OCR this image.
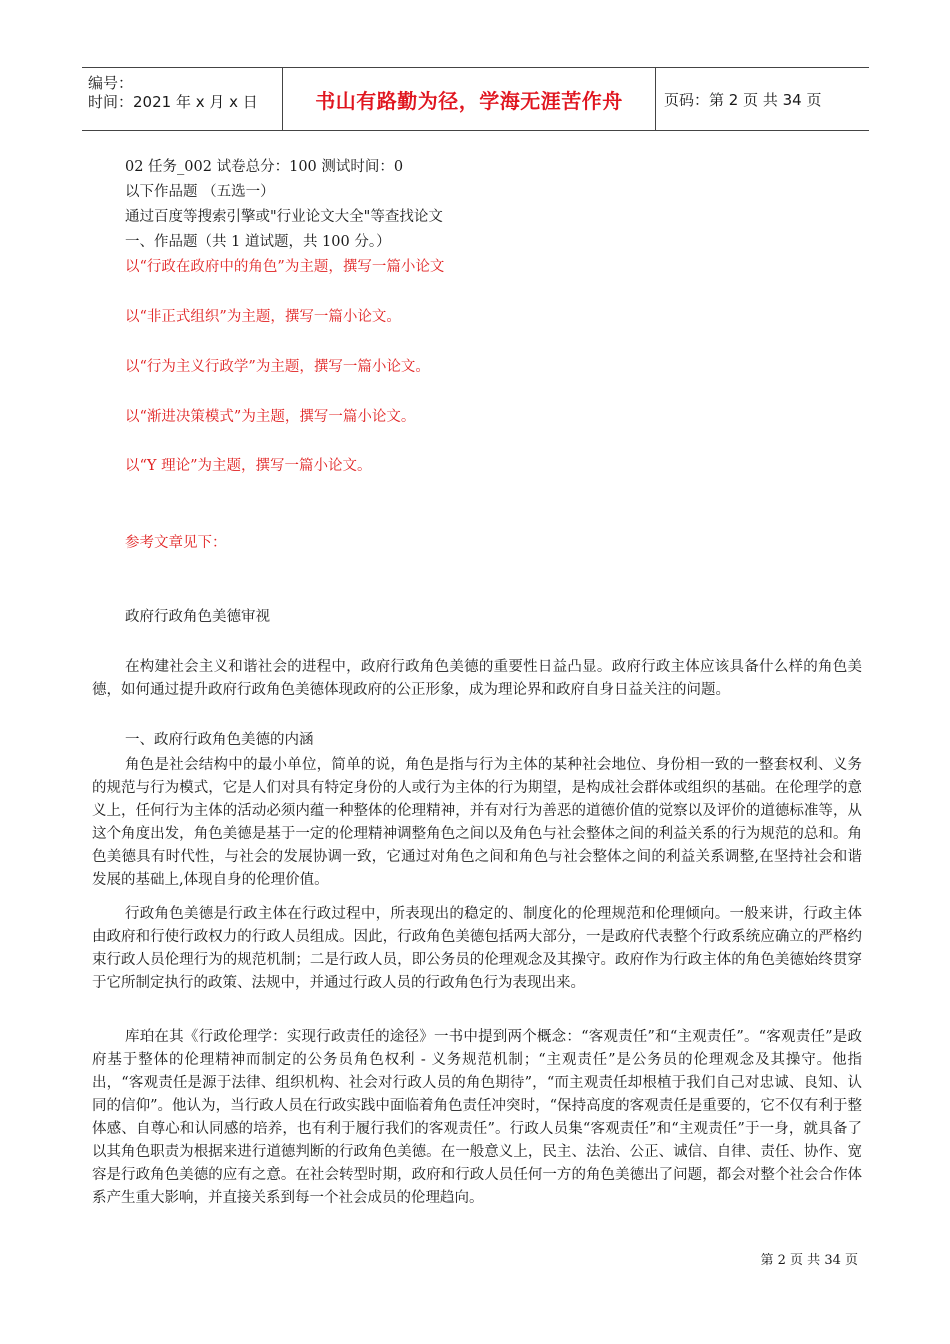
编号：
时间：2021 年 x 月 x 日	书山有路勤为径，学海无涯苦作舟	页码：第 2 页 共 34 页
02 任务_002 试卷总分：100 测试时间：0
以下作品题 （五选一）
通过百度等搜索引擎或"行业论文大全"等查找论文
一、作品题（共 1 道试题，共 100 分。）
以“行政在政府中的角色”为主题，撰写一篇小论文
以“非正式组织”为主题，撰写一篇小论文。
以“行为主义行政学”为主题，撰写一篇小论文。
以“渐进决策模式”为主题，撰写一篇小论文。
以“Y 理论”为主题，撰写一篇小论文。
参考文章见下：
政府行政角色美德审视
在构建社会主义和谐社会的进程中，政府行政角色美德的重要性日益凸显。政府行政主体应该具备什么样的角色美德，如何通过提升政府行政角色美德体现政府的公正形象，成为理论界和政府自身日益关注的问题。
一、政府行政角色美德的内涵
角色是社会结构中的最小单位，简单的说，角色是指与行为主体的某种社会地位、身份相一致的一整套权利、义务的规范与行为模式，它是人们对具有特定身份的人或行为主体的行为期望，是构成社会群体或组织的基础。在伦理学的意义上，任何行为主体的活动必须内蕴一种整体的伦理精神，并有对行为善恶的道德价值的觉察以及评价的道德标准等，从这个角度出发，角色美德是基于一定的伦理精神调整角色之间以及角色与社会整体之间的利益关系的行为规范的总和。角色美德具有时代性，与社会的发展协调一致，它通过对角色之间和角色与社会整体之间的利益关系调整,在坚持社会和谐发展的基础上,体现自身的伦理价值。
行政角色美德是行政主体在行政过程中，所表现出的稳定的、制度化的伦理规范和伦理倾向。一般来讲，行政主体由政府和行使行政权力的行政人员组成。因此，行政角色美德包括两大部分，一是政府代表整个行政系统应确立的严格约束行政人员伦理行为的规范机制；二是行政人员，即公务员的伦理观念及其操守。政府作为行政主体的角色美德始终贯穿于它所制定执行的政策、法规中，并通过行政人员的行政角色行为表现出来。
库珀在其《行政伦理学：实现行政责任的途径》一书中提到两个概念：“客观责任”和“主观责任”。“客观责任”是政府基于整体的伦理精神而制定的公务员角色权利 - 义务规范机制；“主观责任”是公务员的伦理观念及其操守。他指出，“客观责任是源于法律、组织机构、社会对行政人员的角色期待”，“而主观责任却根植于我们自己对忠诚、良知、认同的信仰”。他认为，当行政人员在行政实践中面临着角色责任冲突时，“保持高度的客观责任是重要的，它不仅有利于整体感、自尊心和认同感的培养，也有利于履行我们的客观责任”。行政人员集“客观责任”和“主观责任”于一身，就具备了以其角色职责为根据来进行道德判断的行政角色美德。在一般意义上，民主、法治、公正、诚信、自律、责任、协作、宽容是行政角色美德的应有之意。在社会转型时期，政府和行政人员任何一方的角色美德出了问题，都会对整个社会合作体系产生重大影响，并直接关系到每一个社会成员的伦理趋向。
第 2 页 共 34 页
